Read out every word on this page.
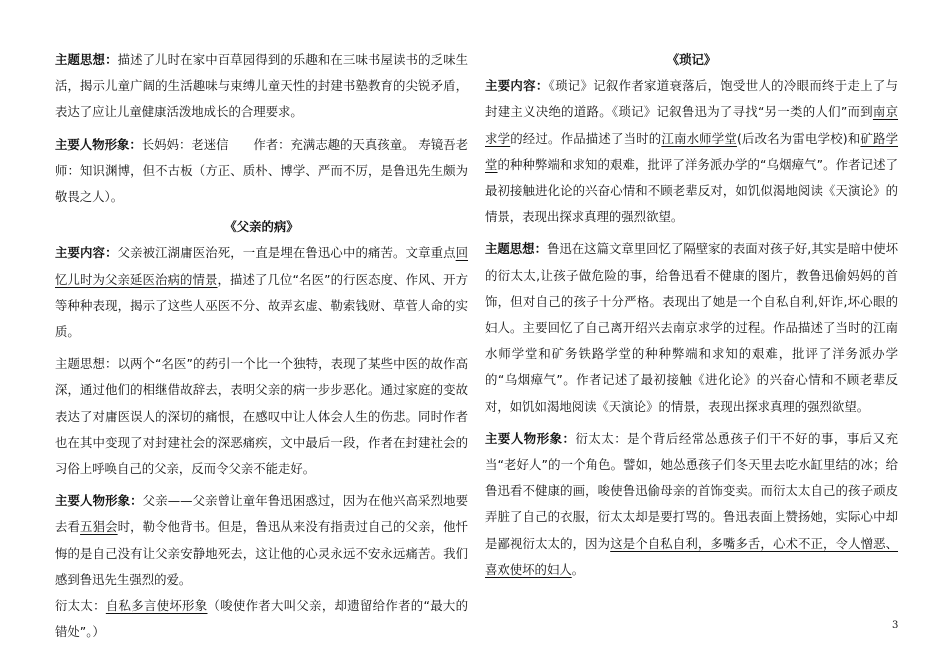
主题思想：描述了儿时在家中百草园得到的乐趣和在三味书屋读书的乏味生活，揭示儿童广阔的生活趣味与束缚儿童天性的封建书塾教育的尖锐矛盾，表达了应让儿童健康活泼地成长的合理要求。

主要人物形象：长妈妈：老迷信　　作者：充满志趣的天真孩童。 寿镜吾老师：知识渊博，但不古板（方正、质朴、博学、严而不厉，是鲁迅先生颇为敬畏之人）。

《父亲的病》

主要内容：父亲被江湖庸医治死，一直是埋在鲁迅心中的痛苦。文章重点回忆儿时为父亲延医治病的情景，描述了几位“名医”的行医态度、作风、开方等种种表现，揭示了这些人巫医不分、故弄玄虚、勒索钱财、草菅人命的实质。

主题思想：以两个“名医”的药引一个比一个独特，表现了某些中医的故作高深，通过他们的相继借故辞去，表明父亲的病一步步恶化。通过家庭的变故表达了对庸医误人的深切的痛恨，在感叹中让人体会人生的伤悲。同时作者也在其中变现了对封建社会的深恶痛疾，文中最后一段，作者在封建社会的习俗上呼唤自己的父亲，反而令父亲不能走好。

主要人物形象：父亲——父亲曾让童年鲁迅困惑过，因为在他兴高采烈地要去看五猖会时，勒令他背书。但是，鲁迅从来没有指责过自己的父亲，他忏悔的是自己没有让父亲安静地死去，这让他的心灵永远不安永远痛苦。我们感到鲁迅先生强烈的爱。

衍太太：自私多言使坏形象（唆使作者大叫父亲，却遗留给作者的“最大的错处”。）

《琐记》

主要内容：《琐记》记叙作者家道衰落后，饱受世人的冷眼而终于走上了与封建主义决绝的道路。《琐记》记叙鲁迅为了寻找“另一类的人们”而到南京求学的经过。作品描述了当时的江南水师学堂(后改名为雷电学校)和矿路学堂的种种弊端和求知的艰难，批评了洋务派办学的“乌烟瘴气”。作者记述了最初接触进化论的兴奋心情和不顾老辈反对，如饥似渴地阅读《天演论》的情景，表现出探求真理的强烈欲望。

主题思想：鲁迅在这篇文章里回忆了隔壁家的表面对孩子好,其实是暗中使坏的衍太太,让孩子做危险的事，给鲁迅看不健康的图片，教鲁迅偷妈妈的首饰，但对自己的孩子十分严格。表现出了她是一个自私自利,奸诈,坏心眼的妇人。主要回忆了自己离开绍兴去南京求学的过程。作品描述了当时的江南水师学堂和矿务铁路学堂的种种弊端和求知的艰难，批评了洋务派办学的“乌烟瘴气”。作者记述了最初接触《进化论》的兴奋心情和不顾老辈反对，如饥如渴地阅读《天演论》的情景，表现出探求真理的强烈欲望。

主要人物形象：衍太太：是个背后经常怂恿孩子们干不好的事，事后又充当“老好人”的一个角色。譬如，她怂恿孩子们冬天里去吃水缸里结的冰；给鲁迅看不健康的画，唆使鲁迅偷母亲的首饰变卖。而衍太太自己的孩子顽皮弄脏了自己的衣服，衍太太却是要打骂的。鲁迅表面上赞扬她，实际心中却是鄙视衍太太的，因为这是个自私自利，多嘴多舌，心术不正，令人憎恶、喜欢使坏的妇人。

3
